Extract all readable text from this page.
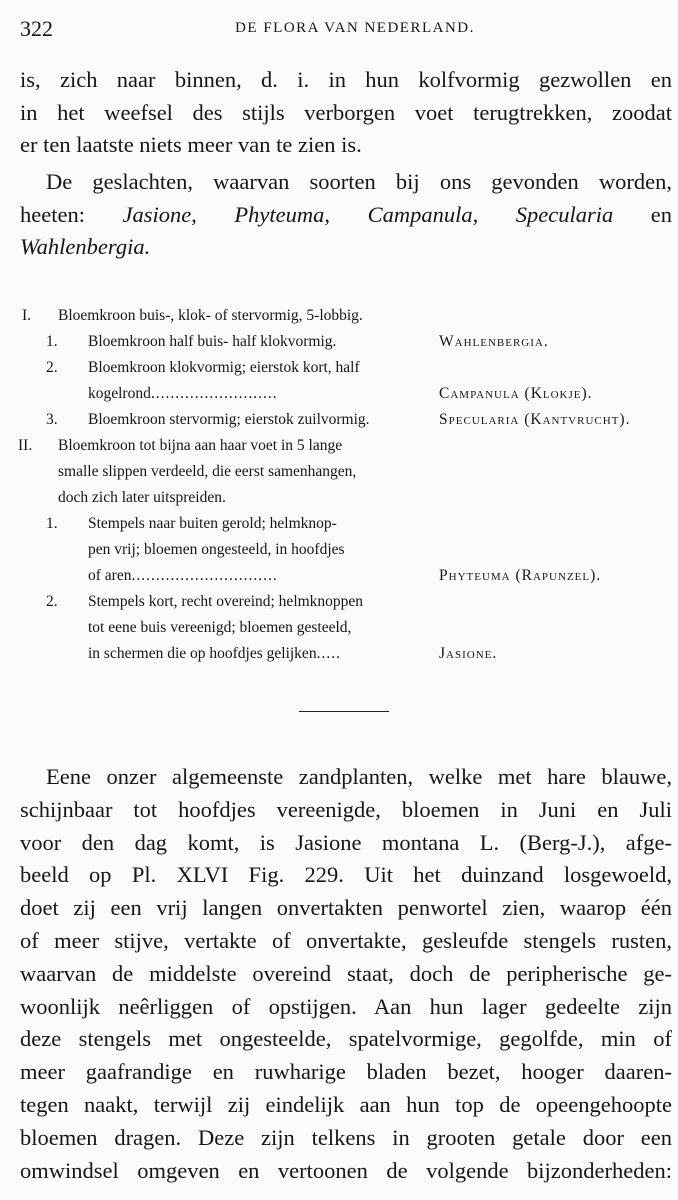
322	DE FLORA VAN NEDERLAND.
is, zich naar binnen, d. i. in hun kolfvormig gezwollen en
in het weefsel des stijls verborgen voet terugtrekken, zoodat
er ten laatste niets meer van te zien is.
De geslachten, waarvan soorten bij ons gevonden worden,
heeten: Jasione, Phyteuma, Campanula, Specularia en
Wahlenbergia.
I. Bloemkroon buis-, klok- of stervormig, 5-lobbig.
1. Bloemkroon half buis- half klokvormig.	Wahlenbergia.
2. Bloemkroon klokvormig; eierstok kort, half
kogelrond..........................	Campanula (Klokje).
3. Bloemkroon stervormig; eierstok zuilvormig.	Specularia (Kantvrucht).
II. Bloemkroon tot bijna aan haar voet in 5 lange
smalle slippen verdeeld, die eerst samenhangen,
doch zich later uitspreiden.
1. Stempels naar buiten gerold; helmknop-
pen vrij; bloemen ongesteeld, in hoofdjes
of aren..............................	Phyteuma (Rapunzel).
2. Stempels kort, recht overeind; helmknoppen
tot eene buis vereenigd; bloemen gesteeld,
in schermen die op hoofdjes gelijken.....	Jasione.
Eene onzer algemeenste zandplanten, welke met hare blauwe,
schijnbaar tot hoofdjes vereenigde, bloemen in Juni en Juli
voor den dag komt, is Jasione montana L. (Berg-J.), afge-
beeld op Pl. XLVI Fig. 229. Uit het duinzand losgewoeld,
doet zij een vrij langen onvertakten penwortel zien, waarop één
of meer stijve, vertakte of onvertakte, gesleufde stengels rusten,
waarvan de middelste overeind staat, doch de peripherische ge-
woonlijk neêrliggen of opstijgen. Aan hun lager gedeelte zijn
deze stengels met ongesteelde, spatelvormige, gegolfde, min of
meer gaafrandige en ruwharige bladen bezet, hooger daaren-
tegen naakt, terwijl zij eindelijk aan hun top de opeengehoopte
bloemen dragen. Deze zijn telkens in grooten getale door een
omwindsel omgeven en vertoonen de volgende bijzonderheden:
